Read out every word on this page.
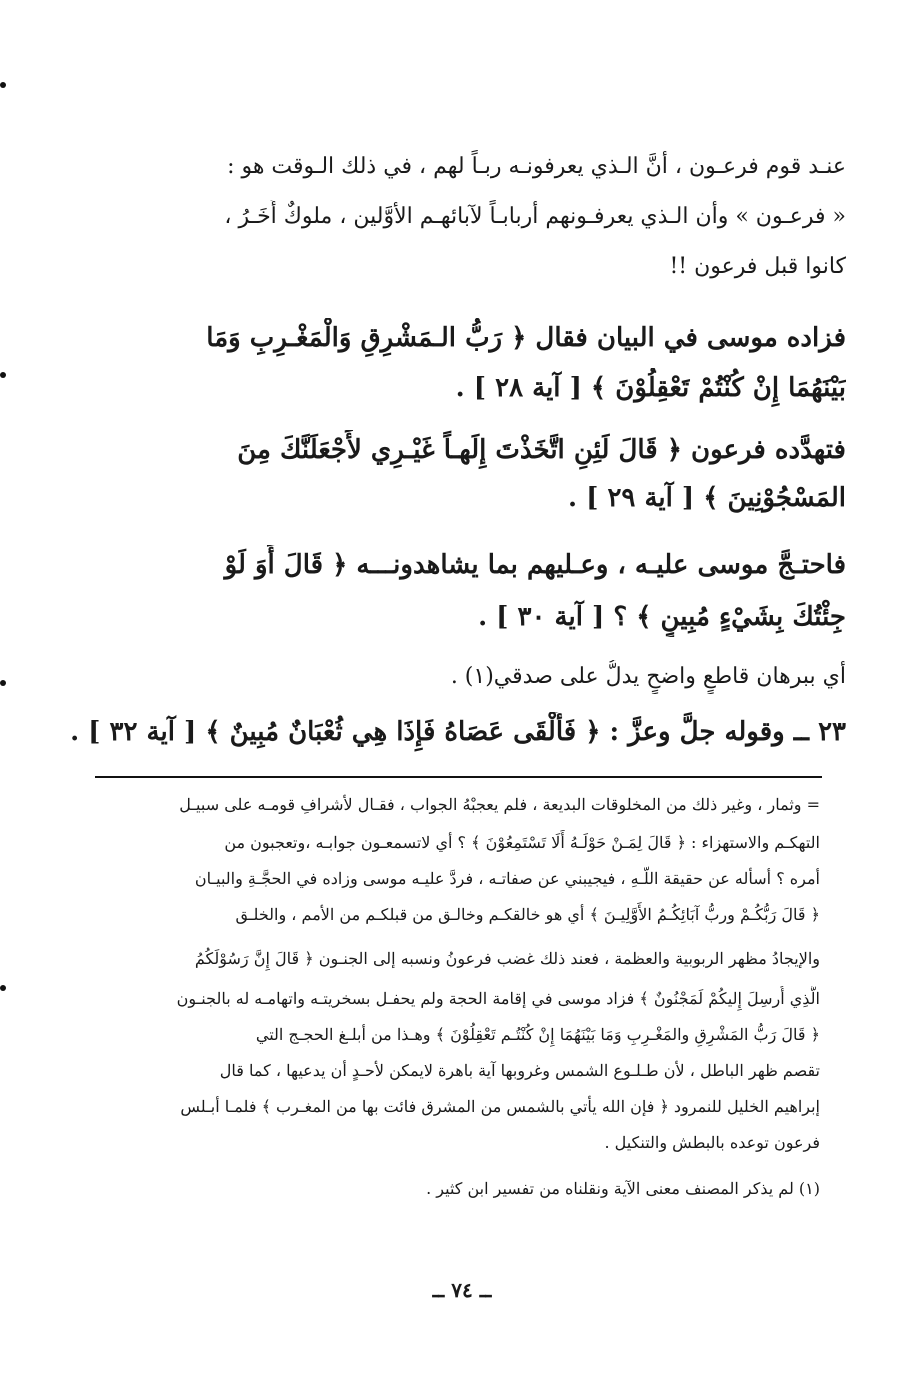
عنـد قوم فرعـون ، أنَّ الـذي يعرفونـه ربـاً لهم ، في ذلك الـوقت هو :
« فرعـون » وأن الـذي يعرفـونهم أربابـاً لآبائهـم الأوَّلين ، ملوكٌ أُخَـرُ ،
كانوا قبل فرعون !!
فزاده موسى في البيان فقال ﴿ رَبُّ الـمَشْرِقِ وَالْمَغْـرِبِ وَمَا
بَيْنَهُمَا إِنْ كُنْتُمْ تَعْقِلُوْنَ ﴾ [ آية ٢٨ ] .
فتهدَّده فرعون ﴿ قَالَ لَئِنِ اتَّخَذْتَ إِلَهـاً غَيْـرِي لأَجْعَلَنَّكَ مِنَ
المَسْجُوْنِينَ ﴾ [ آية ٢٩ ] .
فاحتـجَّ موسى عليـه ، وعـليهم بما يشاهدونـــه ﴿ قَالَ أَوَ لَوْ
جِئْتُكَ بِشَيْءٍ مُبِينٍ ﴾ ؟ [ آية ٣٠ ] .
أي ببرهان قاطعٍ واضحٍ يدلُّ على صدقي(١) .
٢٣ ــ وقوله جلَّ وعزَّ : ﴿ فَأَلْقَى عَصَاهُ فَإِذَا هِي ثُعْبَانٌ مُبِينٌ ﴾ [ آية ٣٢ ] .
= وثمار ، وغير ذلك من المخلوقات البديعة ، فلم يعجبْهُ الجواب ، فقـال لأشرافِ قومـه على سبيـل
التهكـم والاستهزاء : ﴿ قَالَ لِمَـنْ حَوْلَـهُ أَلَا تَسْتَمِعُوْنَ ﴾ ؟ أي لاتسمعـون جوابـه ،وتعجبون من
أمره ؟ أسأله عن حقيقة اللّـهِ ، فيجيبني عن صفاتـه ، فردَّ عليـه موسى وزاده في الحجَّـةِ والبيـان
﴿ قَالَ رَبُّكُـمْ وربُّ آبَائِكُـمُ الأَوَّلِيـنَ ﴾ أي هو خالقكـم وخالـق من قبلكـم من الأمم ، والخلـق
والإيجادُ مظهر الربوبية والعظمة ، فعند ذلك غضب فرعونُ ونسبه إلى الجنـون ﴿ قَالَ إِنَّ رَسُوْلَكُمُ
الَّذِي أُرسِلَ إِليكُمْ لَمَجْنُونٌ ﴾ فزاد موسى في إقامة الحجة ولم يحفـل بسخريتـه واتهامـه له بالجنـون
﴿ قَالَ رَبُّ المَشْرِقِ والمَغْـرِبِ وَمَا بَيْنَهُمَا إِنْ كُنْتُـم تَعْقِلُوْنَ ﴾ وهـذا من أبلـغ الحجـج التي
تقصم ظهر الباطل ، لأن طـلـوع الشمس وغروبها آية باهرة لايمكن لأحـدٍ أن يدعيها ، كما قال
إبراهيم الخليل للنمرود ﴿ فإن الله يأتي بالشمس من المشرق فائت بها من المغـرب ﴾ فلمـا أبـلس
فرعون توعده بالبطش والتنكيل .
(١) لم يذكر المصنف معنى الآية ونقلناه من تفسير ابن كثير .
ــ ٧٤ ــ
